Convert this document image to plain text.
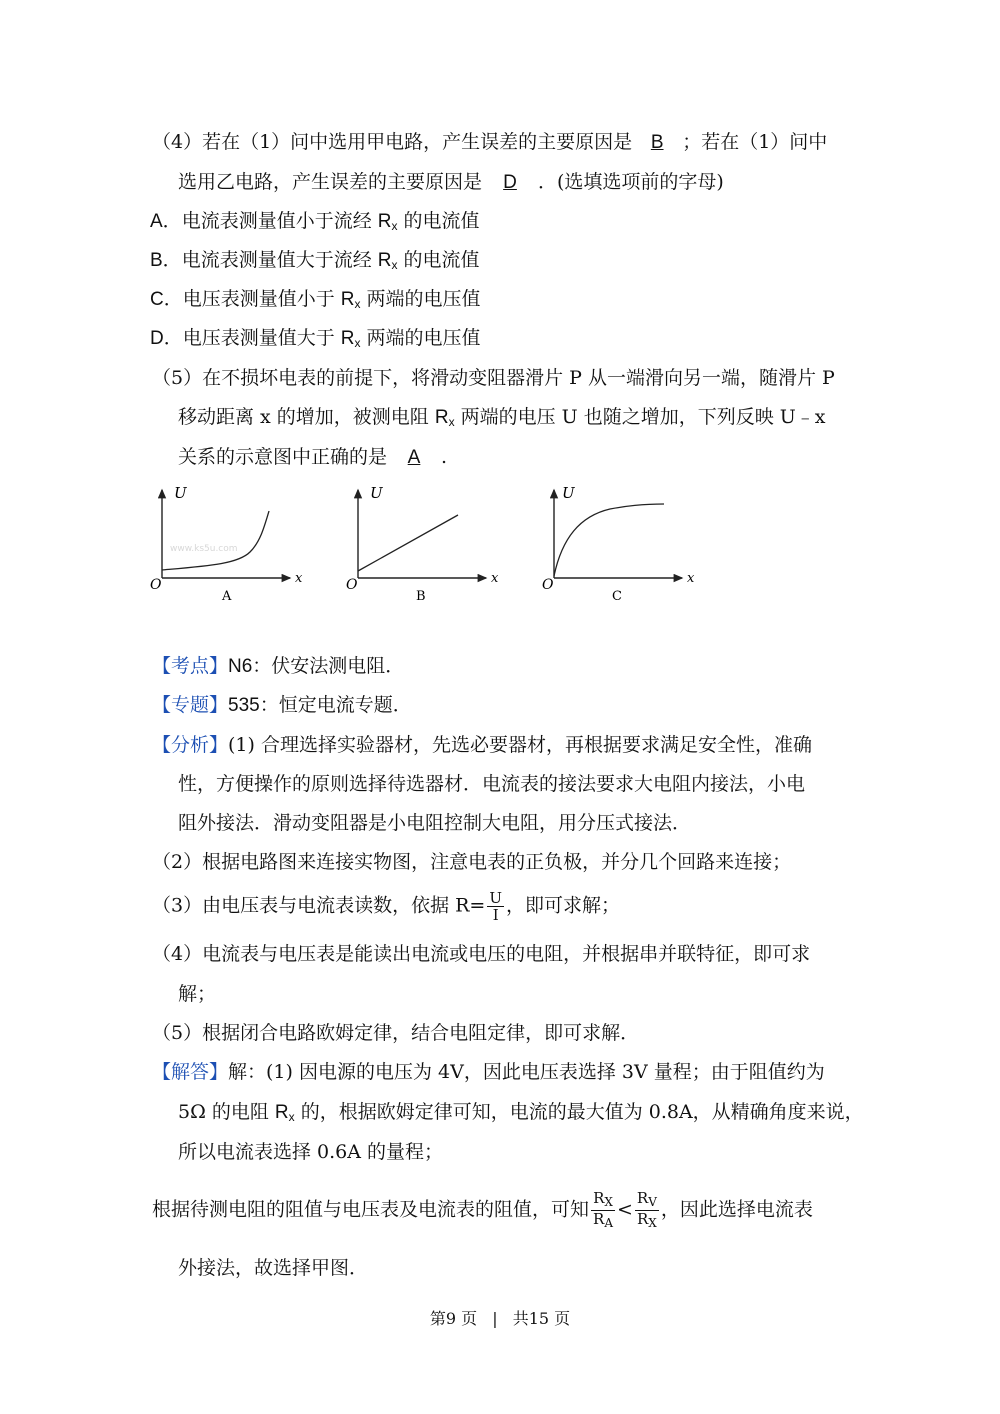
（4）若在（1）问中选用甲电路，产生误差的主要原因是 B ；若在（1）问中
选用乙电路，产生误差的主要原因是 D ．(选填选项前的字母)
A．电流表测量值小于流经 $R_x$ 的电流值
B．电流表测量值大于流经 $R_x$ 的电流值
C．电压表测量值小于 $R_x$ 两端的电压值
D．电压表测量值大于 $R_x$ 两端的电压值
（5）在不损坏电表的前提下，将滑动变阻器滑片 P 从一端滑向另一端，随滑片 P
移动距离 x 的增加，被测电阻 $R_x$ 两端的电压 U 也随之增加，下列反映 U﹣x
关系的示意图中正确的是 A .
U
x
O
www.ks5u.com
A
U
x
O
B
U
x
O
C
【考点】N6：伏安法测电阻．
【专题】535：恒定电流专题．
【分析】(1) 合理选择实验器材，先选必要器材，再根据要求满足安全性，准确
性，方便操作的原则选择待选器材．电流表的接法要求大电阻内接法，小电
阻外接法．滑动变阻器是小电阻控制大电阻，用分压式接法．
（2）根据电路图来连接实物图，注意电表的正负极，并分几个回路来连接；
（3）由电压表与电流表读数，依据 $R= \frac{U}{I}$ ，即可求解；
（4）电流表与电压表是能读出电流或电压的电阻，并根据串并联特征，即可求
解；
（5）根据闭合电路欧姆定律，结合电阻定律，即可求解．
【解答】解：(1) 因电源的电压为 4V，因此电压表选择 3V 量程；由于阻值约为
5Ω 的电阻 $R_x$ 的，根据欧姆定律可知，电流的最大值为 0.8A，从精确角度来说，
所以电流表选择 0.6A 的量程；
根据待测电阻的阻值与电压表及电流表的阻值，可知 $\frac{R_X}{R_A} < \frac{R_V}{R_X}$ ，因此选择电流表
外接法，故选择甲图．
第9 页 | 共15 页
